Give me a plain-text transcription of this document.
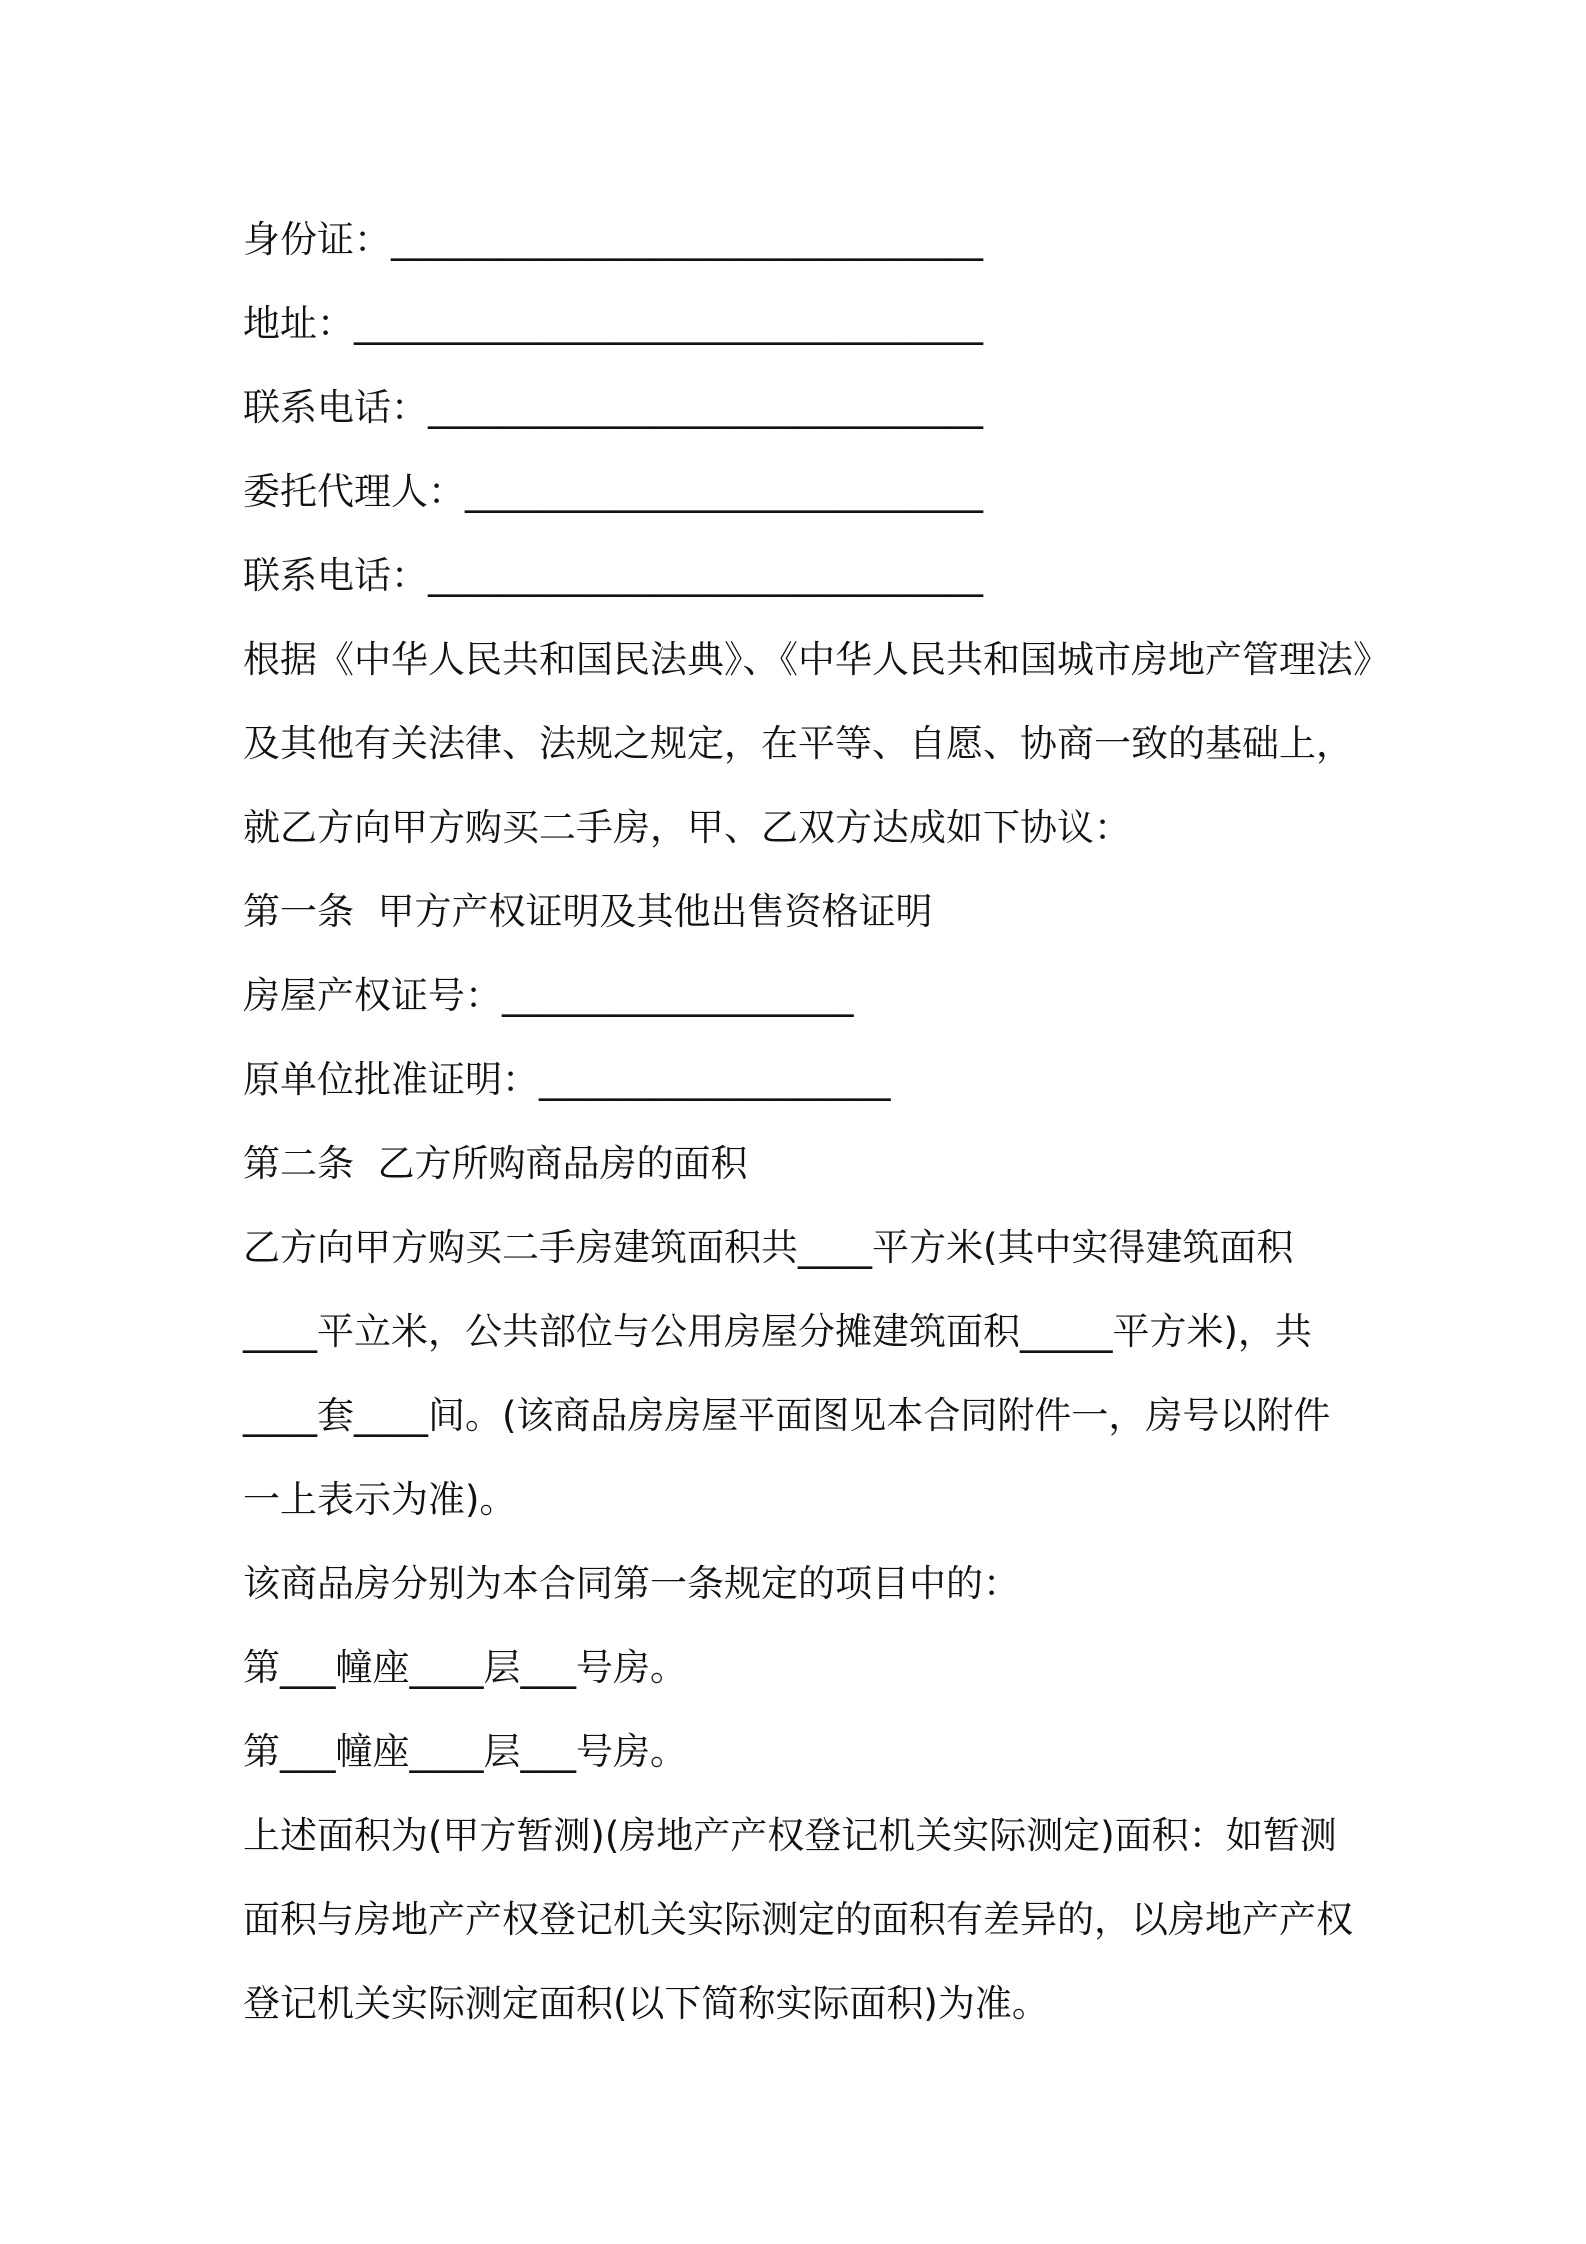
身份证：________________________________
地址：__________________________________
联系电话：______________________________
委托代理人：____________________________
联系电话：______________________________
根据《中华人民共和国民法典》、《中华人民共和国城市房地产管理法》
及其他有关法律、法规之规定，在平等、自愿、协商一致的基础上，
就乙方向甲方购买二手房，甲、乙双方达成如下协议：
第一条  甲方产权证明及其他出售资格证明
房屋产权证号：___________________
原单位批准证明：___________________
第二条  乙方所购商品房的面积
乙方向甲方购买二手房建筑面积共____平方米(其中实得建筑面积
____平立米，公共部位与公用房屋分摊建筑面积_____平方米)，共
____套____间。(该商品房房屋平面图见本合同附件一，房号以附件
一上表示为准)。
该商品房分别为本合同第一条规定的项目中的：
第___幢座____层___号房。
第___幢座____层___号房。
上述面积为(甲方暂测)(房地产产权登记机关实际测定)面积：如暂测
面积与房地产产权登记机关实际测定的面积有差异的，以房地产产权
登记机关实际测定面积(以下简称实际面积)为准。
